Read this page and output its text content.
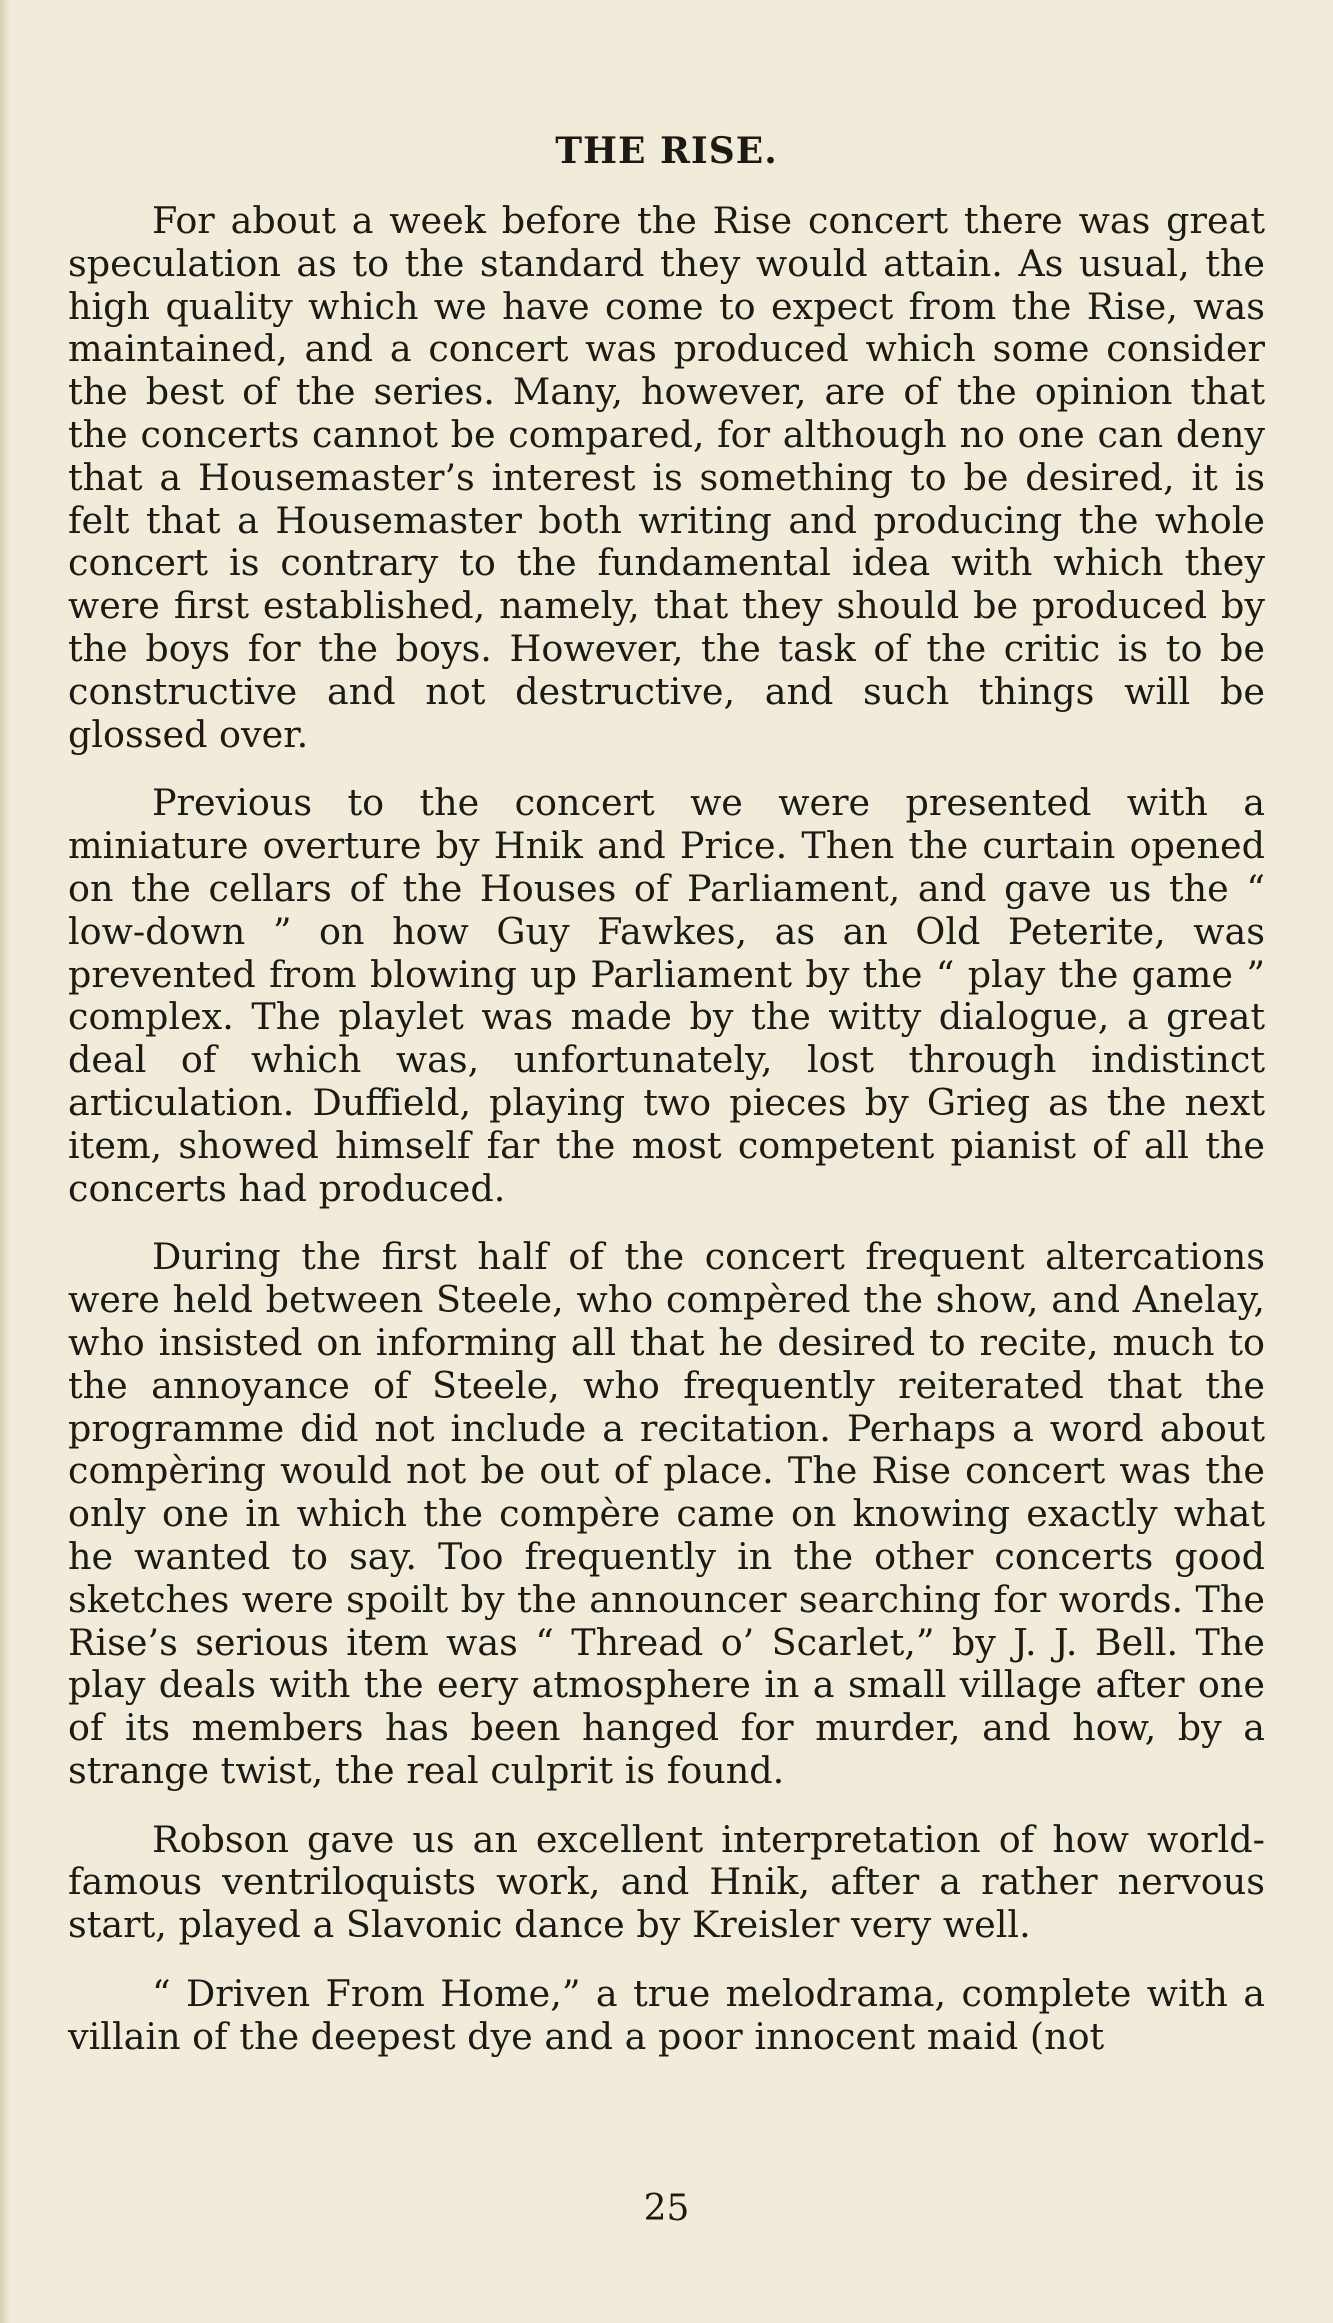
THE RISE.

For about a week before the Rise concert there was great speculation as to the standard they would attain. As usual, the high quality which we have come to expect from the Rise, was maintained, and a concert was produced which some consider the best of the series. Many, however, are of the opinion that the concerts cannot be compared, for although no one can deny that a Housemaster’s interest is something to be desired, it is felt that a Housemaster both writing and producing the whole concert is contrary to the fundamental idea with which they were first established, namely, that they should be produced by the boys for the boys. However, the task of the critic is to be constructive and not destructive, and such things will be glossed over.

Previous to the concert we were presented with a miniature overture by Hnik and Price. Then the curtain opened on the cellars of the Houses of Parliament, and gave us the “ low-down ” on how Guy Fawkes, as an Old Peterite, was prevented from blowing up Parliament by the “ play the game ” complex. The playlet was made by the witty dialogue, a great deal of which was, unfortunately, lost through indistinct articulation. Duffield, playing two pieces by Grieg as the next item, showed himself far the most competent pianist of all the concerts had produced.

During the first half of the concert frequent altercations were held between Steele, who compèred the show, and Anelay, who insisted on informing all that he desired to recite, much to the annoyance of Steele, who frequently reiterated that the programme did not include a recitation. Perhaps a word about compèring would not be out of place. The Rise concert was the only one in which the compère came on knowing exactly what he wanted to say. Too frequently in the other concerts good sketches were spoilt by the announcer searching for words. The Rise’s serious item was “ Thread o’ Scarlet,” by J. J. Bell. The play deals with the eery atmosphere in a small village after one of its members has been hanged for murder, and how, by a strange twist, the real culprit is found.

Robson gave us an excellent interpretation of how world-famous ventriloquists work, and Hnik, after a rather nervous start, played a Slavonic dance by Kreisler very well.

“ Driven From Home,” a true melodrama, complete with a villain of the deepest dye and a poor innocent maid (not

25
